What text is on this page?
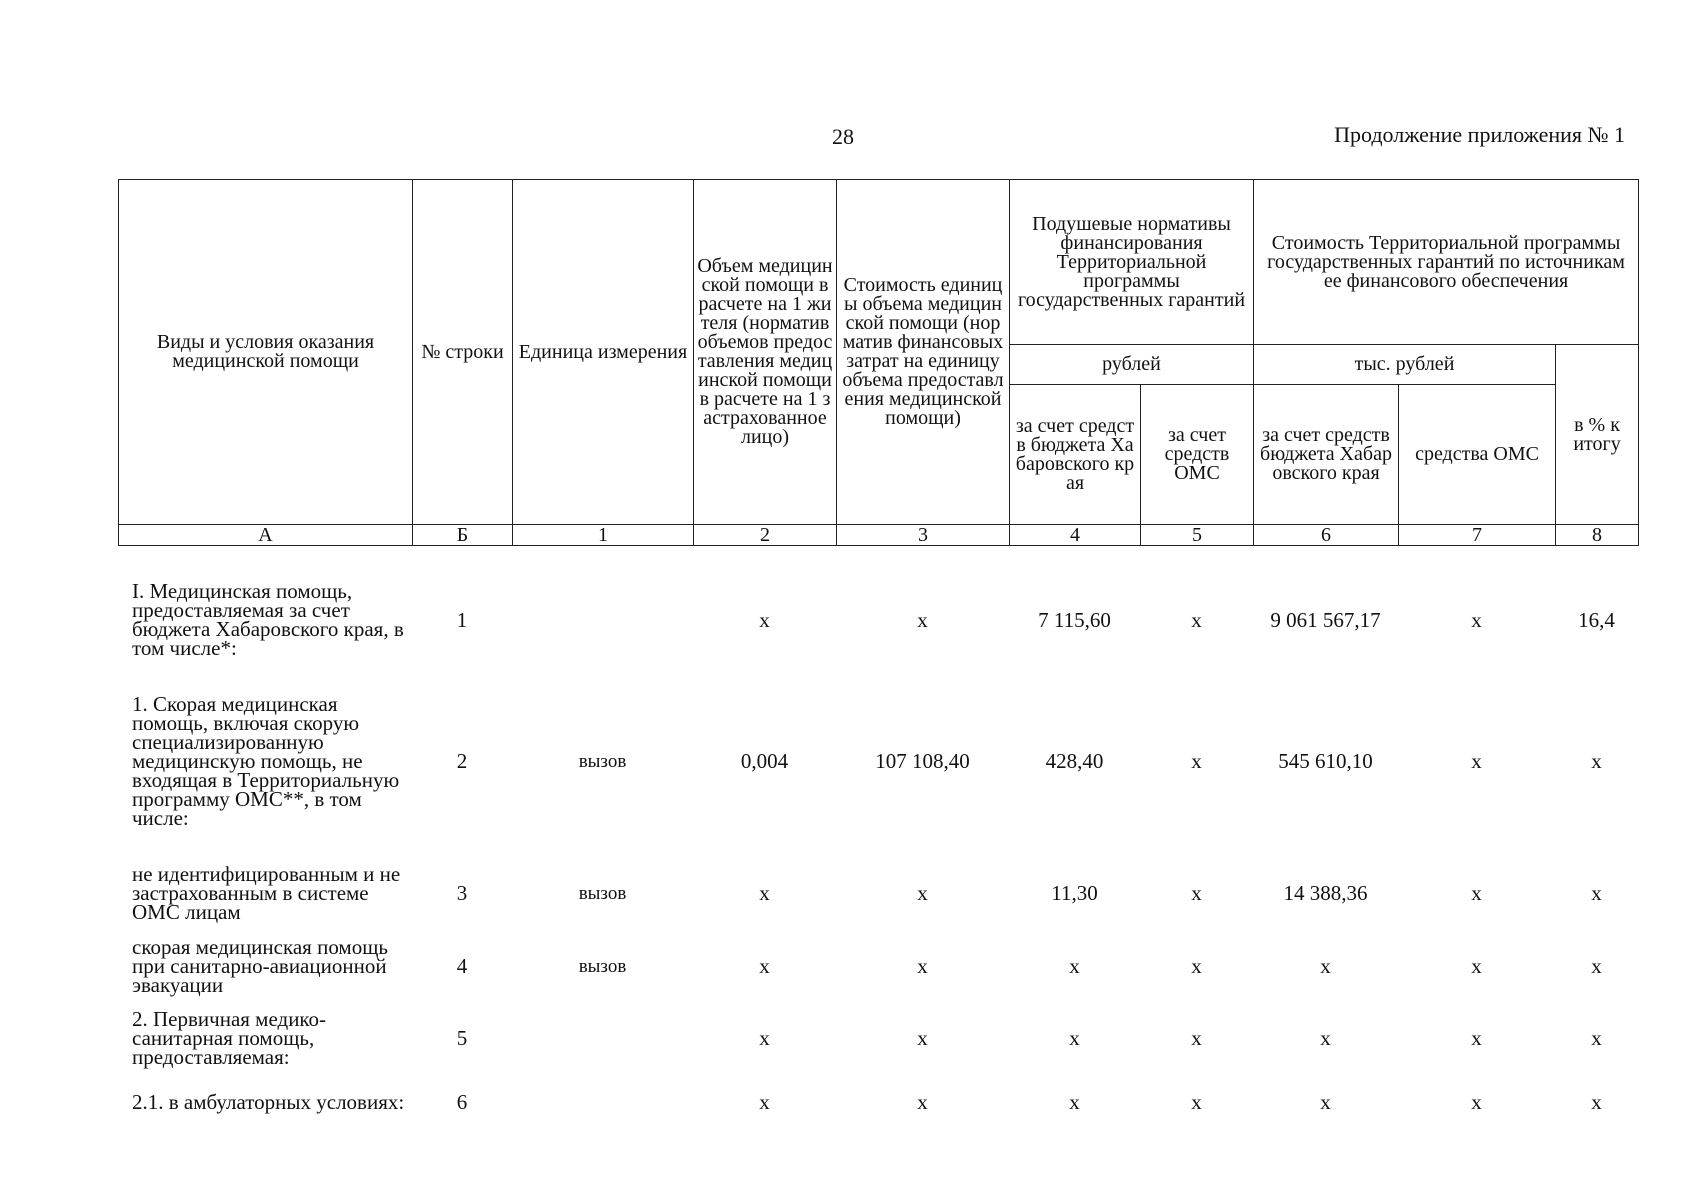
28	Продолжение приложения № 1
Виды и условия оказания медицинской помощи	№ строки	Единица измерения	Объем медицинской помощи в расчете на 1 жителя (норматив объемов предоставления медицинской помощи в расчете на 1 застрахованное лицо)	Стоимость единицы объема медицинской помощи (норматив финансовых затрат на единицу объема предоставления медицинской помощи)	Подушевые нормативы финансирования Территориальной программы государственных гарантий		Стоимость Территориальной программы государственных гарантий по источникам ее финансового обеспечения		
					рублей		тыс. рублей		в % к итогу
					за счет средств бюджета Хабаровского края	за счет средств ОМС	за счет средств бюджета Хабаровского края	средства ОМС	
А	Б	1	2	3	4	5	6	7	8
I. Медицинская помощь, предоставляемая за счет бюджета Хабаровского края, в том числе*:	1		х	х	7 115,60	х	9 061 567,17	х	16,4
1. Скорая медицинская помощь, включая скорую специализированную медицинскую помощь, не входящая в Территориальную программу ОМС**, в том числе:	2	вызов	0,004	107 108,40	428,40	х	545 610,10	х	х
не идентифицированным и не застрахованным в системе ОМС лицам	3	вызов	х	х	11,30	х	14 388,36	х	х
скорая медицинская помощь при санитарно-авиационной эвакуации	4	вызов	х	х	х	х	х	х	х
2. Первичная медико-санитарная помощь, предоставляемая:	5		х	х	х	х	х	х	х
2.1. в амбулаторных условиях:	6		х	х	х	х	х	х	х
